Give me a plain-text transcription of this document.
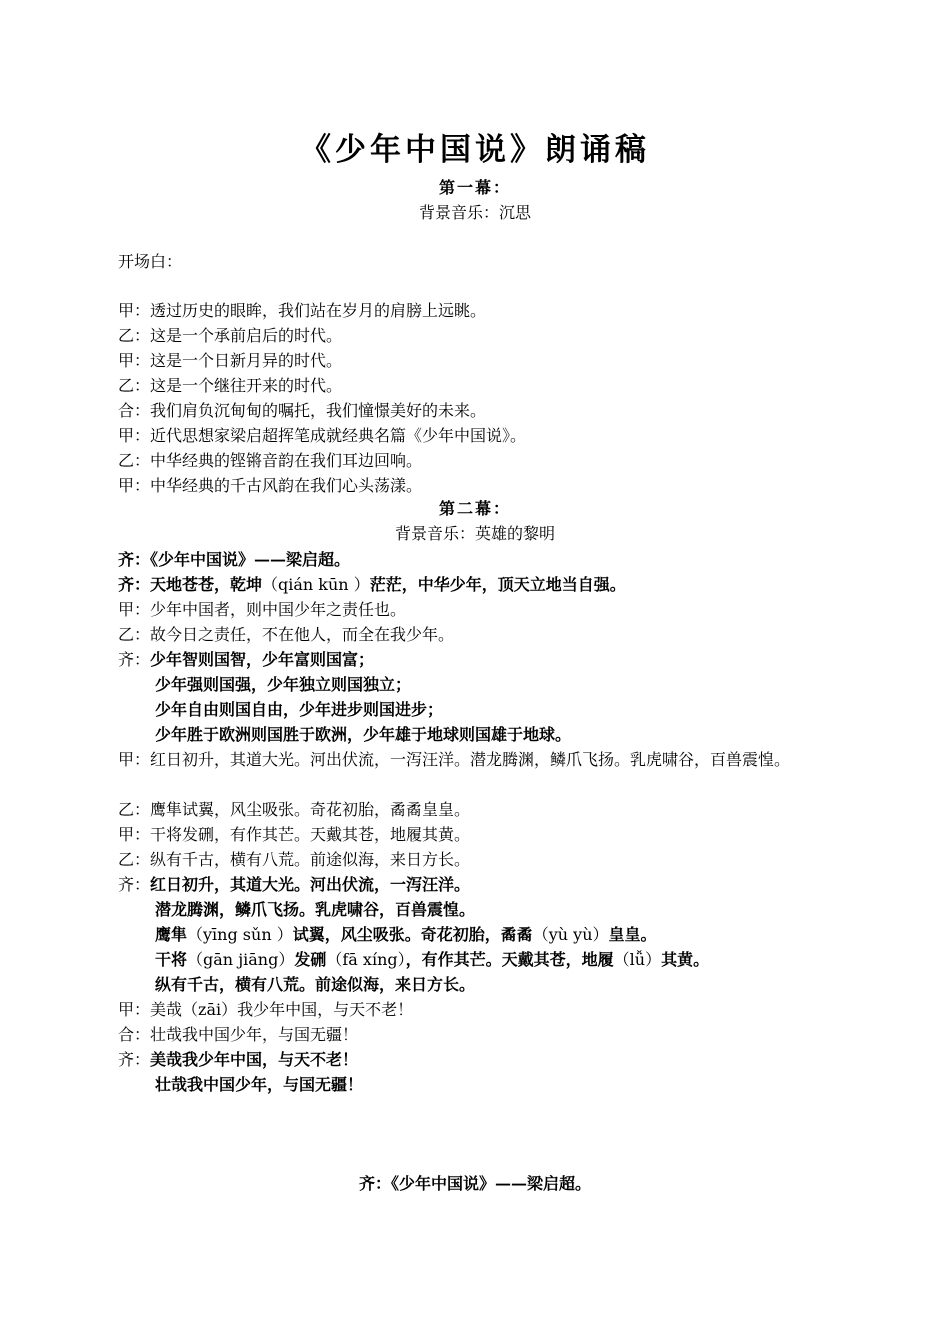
《少年中国说》朗诵稿
第一幕：
背景音乐：沉思
开场白：
甲：透过历史的眼眸，我们站在岁月的肩膀上远眺。
乙：这是一个承前启后的时代。
甲：这是一个日新月异的时代。
乙：这是一个继往开来的时代。
合：我们肩负沉甸甸的嘱托，我们憧憬美好的未来。
甲：近代思想家梁启超挥笔成就经典名篇《少年中国说》。
乙：中华经典的铿锵音韵在我们耳边回响。
甲：中华经典的千古风韵在我们心头荡漾。
第二幕：
背景音乐：英雄的黎明
齐：《少年中国说》——梁启超。
齐：天地苍苍，乾坤（qián kūn ）茫茫，中华少年，顶天立地当自强。
甲：少年中国者，则中国少年之责任也。
乙：故今日之责任，不在他人，而全在我少年。
齐：少年智则国智，少年富则国富；
少年强则国强，少年独立则国独立；
少年自由则国自由，少年进步则国进步；
少年胜于欧洲则国胜于欧洲，少年雄于地球则国雄于地球。
甲：红日初升，其道大光。河出伏流，一泻汪洋。潜龙腾渊，鳞爪飞扬。乳虎啸谷，百兽震惶。
乙：鹰隼试翼，风尘吸张。奇花初胎，矞矞皇皇。
甲：干将发硎，有作其芒。天戴其苍，地履其黄。
乙：纵有千古，横有八荒。前途似海，来日方长。
齐：红日初升，其道大光。河出伏流，一泻汪洋。
潜龙腾渊，鳞爪飞扬。乳虎啸谷，百兽震惶。
鹰隼（yīng sǔn ）试翼，风尘吸张。奇花初胎，矞矞（yù yù）皇皇。
干将（gān jiāng）发硎（fā xíng），有作其芒。天戴其苍，地履（lǚ）其黄。
纵有千古，横有八荒。前途似海，来日方长。
甲：美哉（zāi）我少年中国，与天不老！
合：壮哉我中国少年，与国无疆！
齐：美哉我少年中国，与天不老！
壮哉我中国少年，与国无疆！
齐：《少年中国说》——梁启超。
